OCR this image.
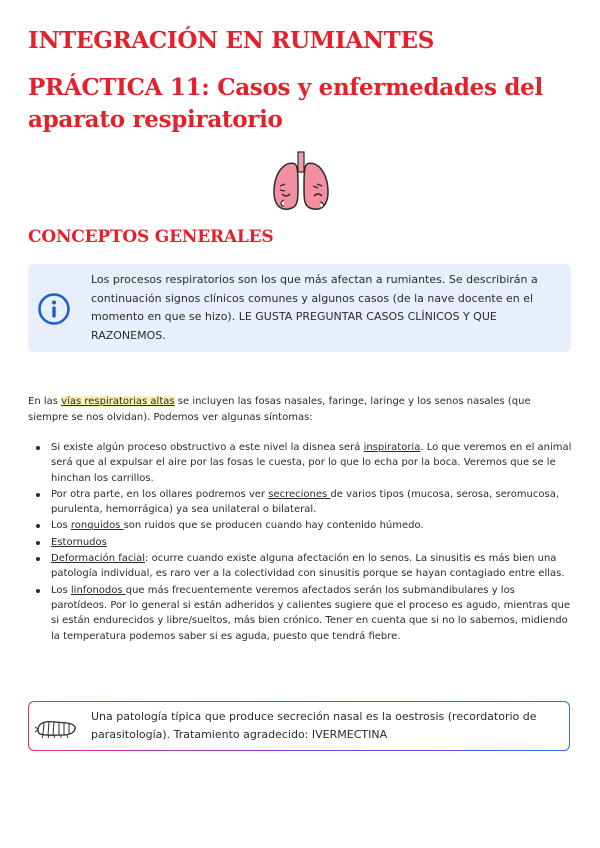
INTEGRACIÓN EN RUMIANTES
PRÁCTICA 11: Casos y enfermedades del aparato respiratorio
CONCEPTOS GENERALES
Los procesos respiratorios son los que más afectan a rumiantes. Se describirán a continuación signos clínicos comunes y algunos casos (de la nave docente en el momento en que se hizo). LE GUSTA PREGUNTAR CASOS CLÍNICOS Y QUE RAZONEMOS.

En las vías respiratorias altas se incluyen las fosas nasales, faringe, laringe y los senos nasales (que siempre se nos olvidan). Podemos ver algunas síntomas:

Si existe algún proceso obstructivo a este nivel la disnea será inspiratoria. Lo que veremos en el animal será que al expulsar el aire por las fosas le cuesta, por lo que lo echa por la boca. Veremos que se le hinchan los carrillos.
Por otra parte, en los ollares podremos ver secreciones de varios tipos (mucosa, serosa, seromucosa, purulenta, hemorrágica) ya sea unilateral o bilateral.
Los ronquidos son ruidos que se producen cuando hay contenido húmedo.
Estornudos
Deformación facial: ocurre cuando existe alguna afectación en lo senos. La sinusitis es más bien una patología individual, es raro ver a la colectividad con sinusitis porque se hayan contagiado entre ellas.
Los linfonodos que más frecuentemente veremos afectados serán los submandibulares y los parotídeos. Por lo general si están adheridos y calientes sugiere que el proceso es agudo, mientras que si están endurecidos y libre/sueltos, más bien crónico. Tener en cuenta que si no lo sabemos, midiendo la temperatura podemos saber si es aguda, puesto que tendrá fiebre.
Una patología típica que produce secreción nasal es la oestrosis (recordatorio de parasitología). Tratamiento agradecido: IVERMECTINA
